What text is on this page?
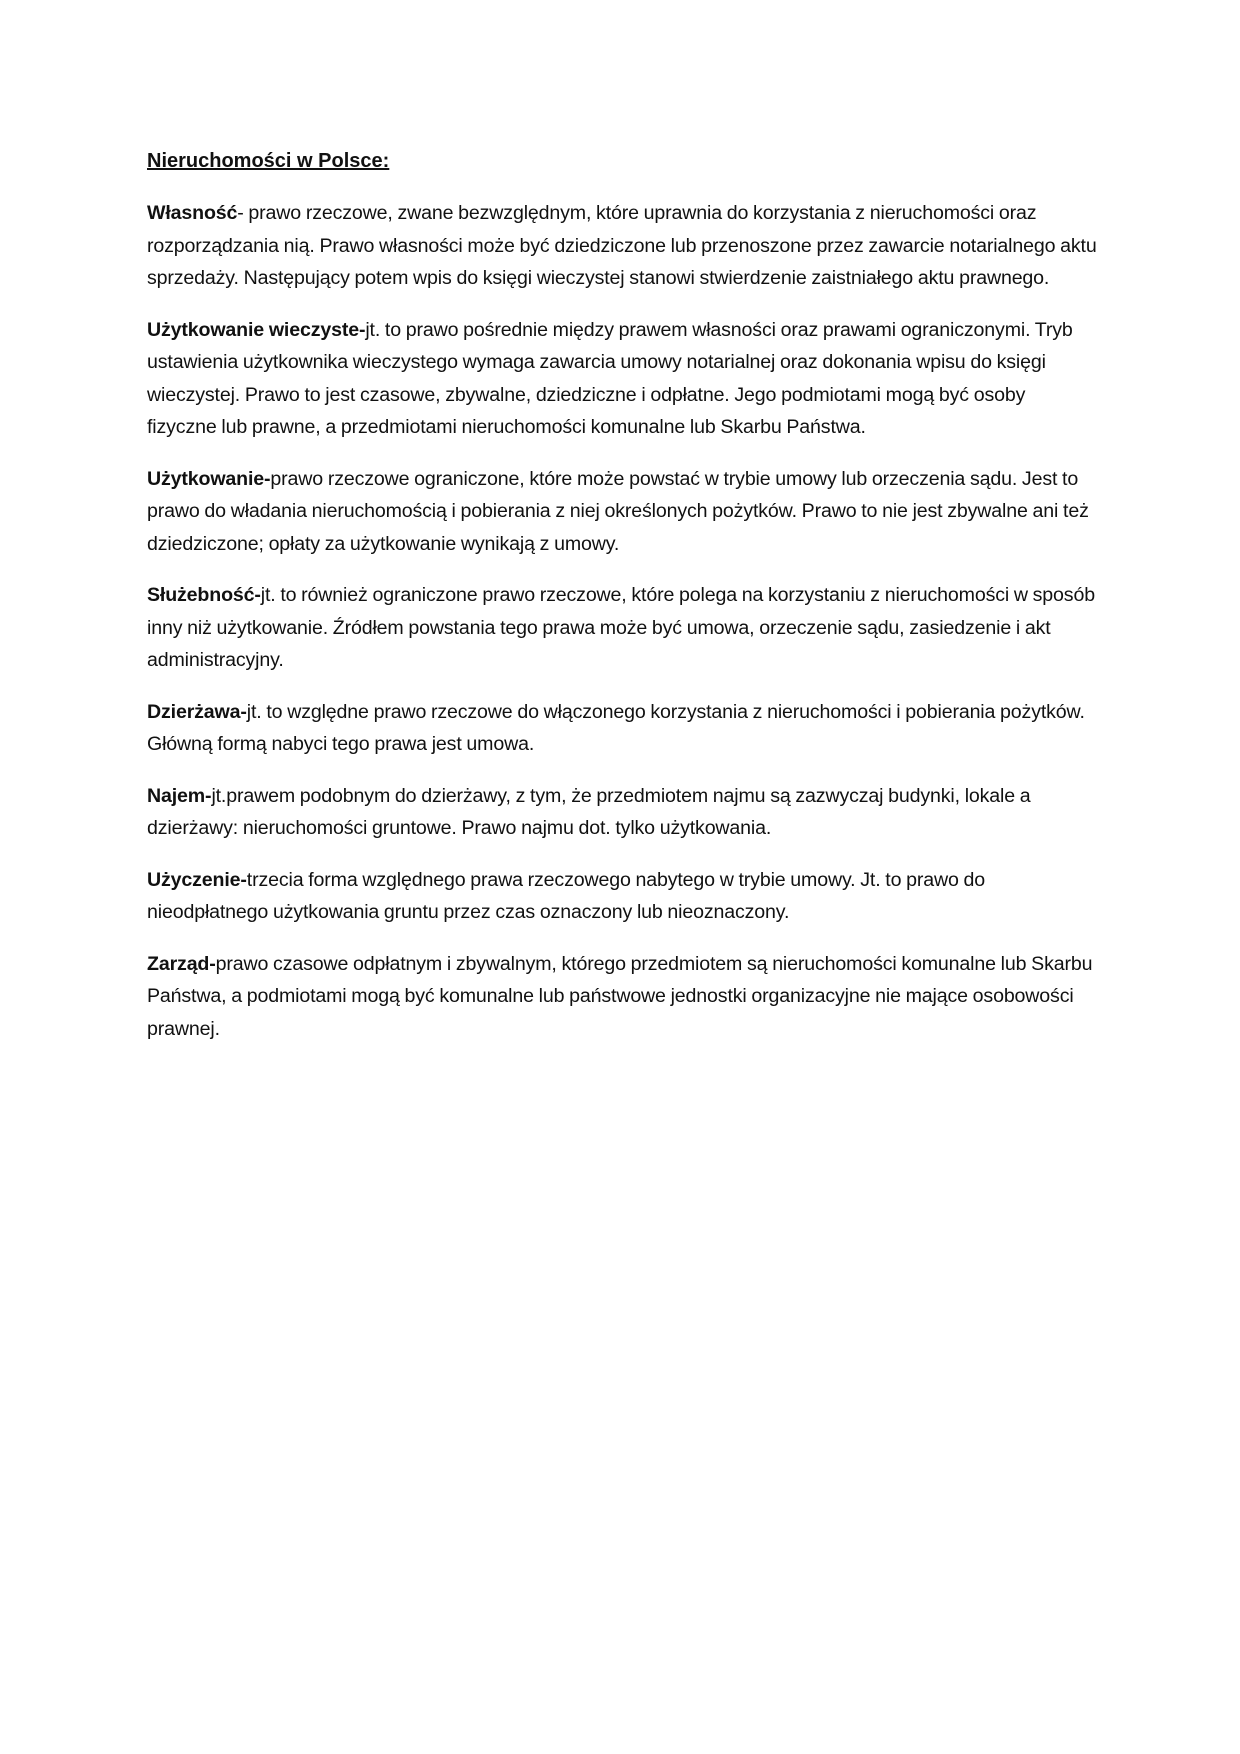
Nieruchomości w Polsce:

Własność- prawo rzeczowe, zwane bezwzględnym, które uprawnia do korzystania z nieruchomości oraz rozporządzania nią. Prawo własności może być dziedziczone lub przenoszone przez zawarcie notarialnego aktu sprzedaży. Następujący potem wpis do księgi wieczystej stanowi stwierdzenie zaistniałego aktu prawnego.

Użytkowanie wieczyste-jt. to prawo pośrednie między prawem własności oraz prawami ograniczonymi. Tryb ustawienia użytkownika wieczystego wymaga zawarcia umowy notarialnej oraz dokonania wpisu do księgi wieczystej. Prawo to jest czasowe, zbywalne, dziedziczne i odpłatne. Jego podmiotami mogą być osoby fizyczne lub prawne, a przedmiotami nieruchomości komunalne lub Skarbu Państwa.

Użytkowanie-prawo rzeczowe ograniczone, które może powstać w trybie umowy lub orzeczenia sądu. Jest to prawo do władania nieruchomością i pobierania z niej określonych pożytków. Prawo to nie jest zbywalne ani też dziedziczone; opłaty za użytkowanie wynikają z umowy.

Służebność-jt. to również ograniczone prawo rzeczowe, które polega na korzystaniu z nieruchomości w sposób inny niż użytkowanie. Źródłem powstania tego prawa może być umowa, orzeczenie sądu, zasiedzenie i akt administracyjny.

Dzierżawa-jt. to względne prawo rzeczowe do włączonego korzystania z nieruchomości i pobierania pożytków. Główną formą nabyci tego prawa jest umowa.

Najem-jt.prawem podobnym do dzierżawy, z tym, że przedmiotem najmu są zazwyczaj budynki, lokale a dzierżawy: nieruchomości gruntowe. Prawo najmu dot. tylko użytkowania.

Użyczenie-trzecia forma względnego prawa rzeczowego nabytego w trybie umowy. Jt. to prawo do nieodpłatnego użytkowania gruntu przez czas oznaczony lub nieoznaczony.

Zarząd-prawo czasowe odpłatnym i zbywalnym, którego przedmiotem są nieruchomości komunalne lub Skarbu Państwa, a podmiotami mogą być komunalne lub państwowe jednostki organizacyjne nie mające osobowości prawnej.
